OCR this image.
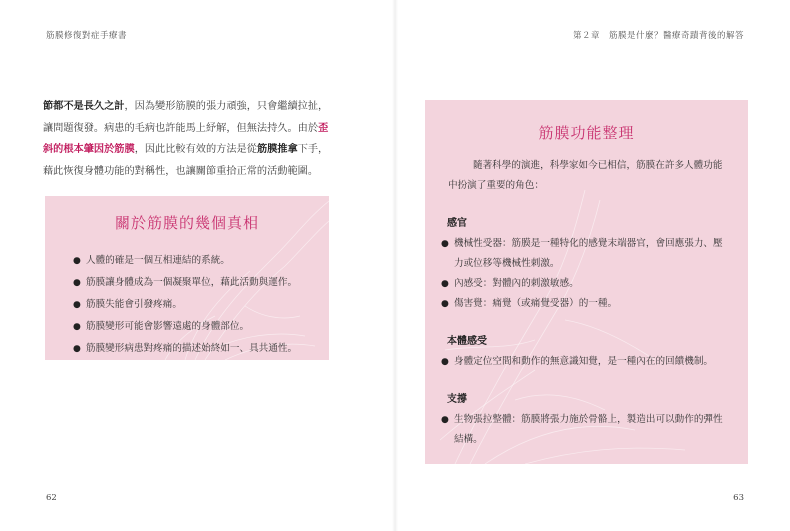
筋膜修復對症手療書
節都不是長久之計，因為變形筋膜的張力頑強，只會繼續拉扯，讓問題復發。病患的毛病也許能馬上紓解，但無法持久。由於歪斜的根本肇因於筋膜，因此比較有效的方法是從筋膜推拿下手，藉此恢復身體功能的對稱性，也讓關節重拾正常的活動範圍。
關於筋膜的幾個真相
● 人體的確是一個互相連結的系統。
● 筋膜讓身體成為一個凝聚單位，藉此活動與運作。
● 筋膜失能會引發疼痛。
● 筋膜變形可能會影響遠處的身體部位。
● 筋膜變形病患對疼痛的描述始終如一、具共通性。
62
第２章　筋膜是什麼？醫療奇蹟背後的解答
筋膜功能整理
隨著科學的演進，科學家如今已相信，筋膜在許多人體功能中扮演了重要的角色：
感官
● 機械性受器：筋膜是一種特化的感覺末端器官，會回應張力、壓力或位移等機械性刺激。
● 內感受：對體內的刺激敏感。
● 傷害覺：痛覺（或痛覺受器）的一種。
本體感受
● 身體定位空間和動作的無意識知覺，是一種內在的回饋機制。
支撐
● 生物張拉整體：筋膜將張力施於骨骼上，製造出可以動作的彈性結構。
63
